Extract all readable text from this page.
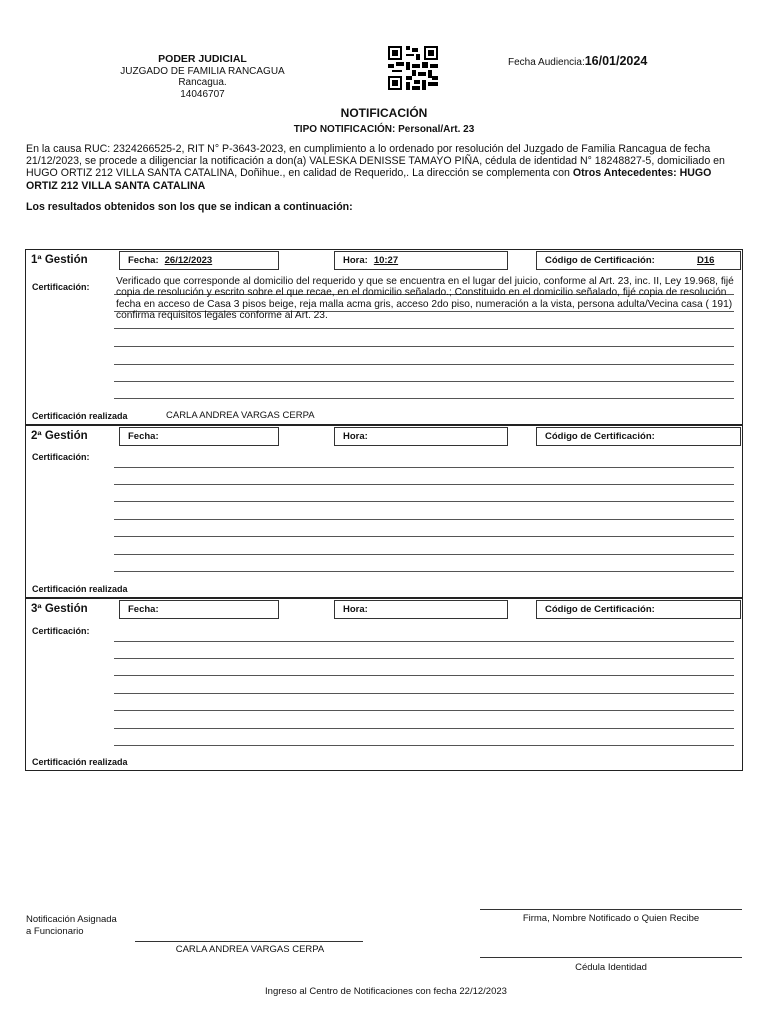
PODER JUDICIAL
JUZGADO DE FAMILIA RANCAGUA
Rancagua.
14046707
Fecha Audiencia:16/01/2024
NOTIFICACIÓN
TIPO NOTIFICACIÓN: Personal/Art. 23
En la causa RUC: 2324266525-2, RIT N° P-3643-2023, en cumplimiento a lo ordenado por resolución del Juzgado de Familia Rancagua de fecha 21/12/2023, se procede a diligenciar la notificación a don(a) VALESKA DENISSE TAMAYO PIÑA, cédula de identidad N° 18248827-5, domiciliado en HUGO ORTIZ 212 VILLA SANTA CATALINA, Doñihue., en calidad de Requerido,. La dirección se complementa con Otros Antecedentes: HUGO ORTIZ 212 VILLA SANTA CATALINA
Los resultados obtenidos son los que se indican a continuación:
1ª Gestión	Fecha: 26/12/2023	Hora: 10:27	Código de Certificación:	D16
Certificación:	Verificado que corresponde al domicilio del requerido y que se encuentra en el lugar del juicio, conforme al Art. 23, inc. II, Ley 19.968, fijé copia de resolución y escrito sobre el que recae, en el domicilio señalado.; Constituido en el domicilio señalado, fijé copia de resolución fecha en acceso de Casa 3 pisos beige, reja malla acma gris, acceso 2do piso, numeración a la vista, persona adulta/Vecina casa ( 191) confirma requisitos legales conforme al Art. 23.
Certificación realizada	CARLA ANDREA VARGAS CERPA
2ª Gestión	Fecha:	Hora:	Código de Certificación:
Certificación:
Certificación realizada
3ª Gestión	Fecha:	Hora:	Código de Certificación:
Certificación:
Certificación realizada
Notificación Asignada
a Funcionario
CARLA ANDREA VARGAS CERPA
Firma, Nombre Notificado o Quien Recibe
Cédula Identidad
Ingreso al Centro de Notificaciones con fecha 22/12/2023
